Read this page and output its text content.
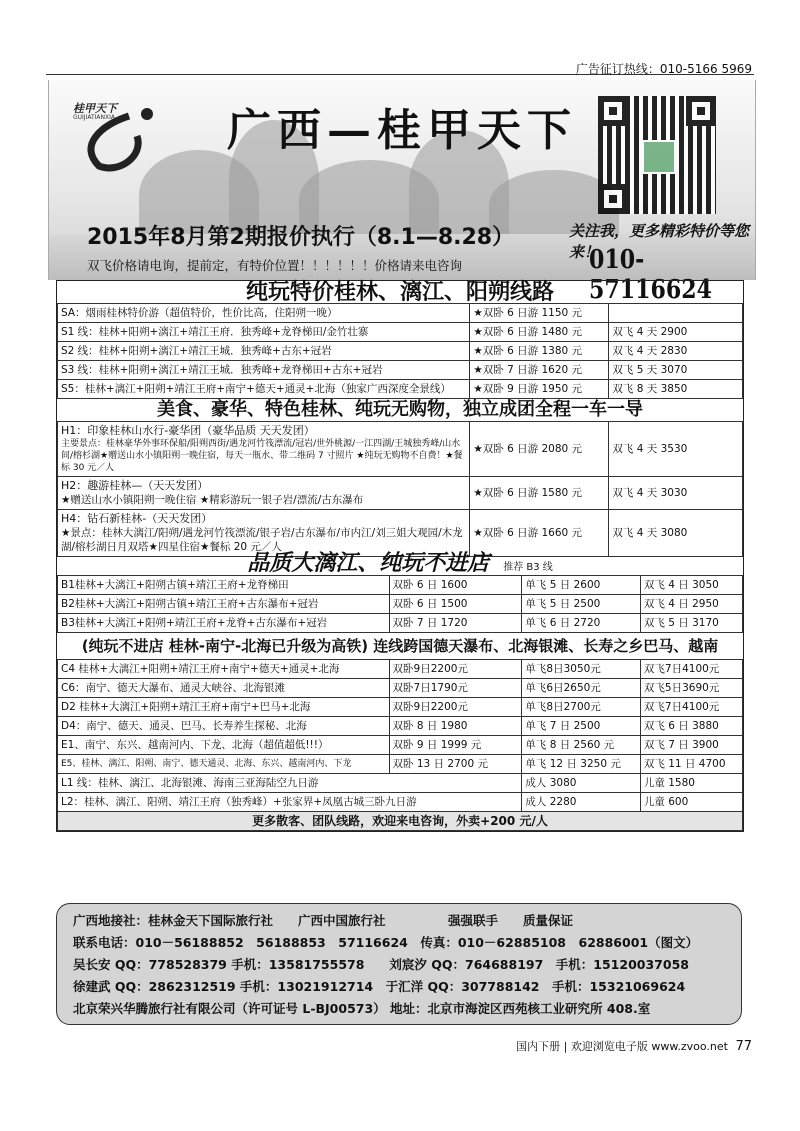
广告征订热线：010-5166 5969
桂甲天下
GUIJIATIANXIA	广西—桂甲天下
2015年8月第2期报价执行（8.1—8.28）	关注我，更多精彩特价等您来！
010-57116624
双飞价格请电询，提前定，有特价位置！！！！！！价格请来电咨询
纯玩特价桂林、漓江、阳朔线路		
SA：烟雨桂林特价游（超值特价，性价比高，住阳朔一晚）	★双卧 6 日游 1150 元	
S1 线：桂林+阳朔+漓江+靖江王府．独秀峰+龙脊梯田/金竹壮寨	★双卧 6 日游 1480 元	双飞 4 天 2900
S2 线：桂林+阳朔+漓江+靖江王城．独秀峰+古东+冠岩	★双卧 6 日游 1380 元	双飞 4 天 2830
S3 线：桂林+阳朔+漓江+靖江王城．独秀峰+龙脊梯田+古东+冠岩	★双卧 7 日游 1620 元	双飞 5 天 3070
S5：桂林+漓江+阳朔+靖江王府+南宁+德天+通灵+北海（独家广西深度全景线）	★双卧 9 日游 1950 元	双飞 8 天 3850
美食、豪华、特色桂林、纯玩无购物，独立成团全程一车一导		

H1：印象桂林山水行-豪华团（豪华品质 天天发团）
主要景点：桂林豪华外事环保船/阳朔西街/遇龙河竹筏漂流/冠岩/世外桃源/一江四湖/王城独秀峰/山水间/榕杉湖★赠送山水小镇阳朔一晚住宿，每天一瓶水、带二维码 7 寸照片 ★纯玩无购物不自费！★餐标 30 元／人	★双卧 6 日游 2080 元	双飞 4 天 3530

H2：趣游桂林—（天天发团）
★赠送山水小镇阳朔一晚住宿 ★精彩游玩一银子岩/漂流/古东瀑布	★双卧 6 日游 1580 元	双飞 4 天 3030

H4：钻石新桂林-（天天发团）
★景点：桂林大漓江/阳朔/遇龙河竹筏漂流/银子岩/古东瀑布/市内江/刘三姐大观园/木龙湖/榕杉湖日月双塔★四星住宿★餐标 20 元／人	★双卧 6 日游 1660 元	双飞 4 天 3080
品质大漓江、纯玩不进店 推荐 B3 线			
B1桂林+大漓江+阳朔古镇+靖江王府+龙脊梯田	双卧 6 日 1600	单飞 5 日 2600	双飞 4 日 3050
B2桂林+大漓江+阳朔古镇+靖江王府+古东瀑布+冠岩	双卧 6 日 1500	单飞 5 日 2500	双飞 4 日 2950
B3桂林+大漓江+阳朔+靖江王府+龙脊+古东瀑布+冠岩	双卧 7 日 1720	单飞 6 日 2720	双飞 5 日 3170
(纯玩不进店 桂林-南宁-北海已升级为高铁) 连线跨国德天瀑布、北海银滩、长寿之乡巴马、越南			
C4 桂林+大漓江+阳朔+靖江王府+南宁+德天+通灵+北海	双卧9日2200元	单飞8日3050元	双飞7日4100元
C6：南宁、德天大瀑布、通灵大峡谷、北海银滩	双卧7日1790元	单飞6日2650元	双飞5日3690元
D2 桂林+大漓江+阳朔+靖江王府+南宁+巴马+北海	双卧9日2200元	单飞8日2700元	双飞7日4100元
D4：南宁、德天、通灵、巴马、长寿养生探秘、北海	双卧 8 日 1980	单飞 7 日 2500	双飞 6 日 3880
E1、南宁、东兴、越南河内、下龙、北海（超值超低!!!）	双卧 9 日 1999 元	单飞 8 日 2560 元	双飞 7 日 3900
E5、桂林、漓江、阳朔、南宁、德天通灵、北海、东兴、越南河内、下龙	双卧 13 日 2700 元	单飞 12 日 3250 元	双飞 11 日 4700
L1 线：桂林、漓江、北海银滩、海南三亚海陆空九日游		成人 3080	儿童 1580
L2：桂林、漓江、阳朔、靖江王府（独秀峰）+张家界+凤凰古城三卧九日游		成人 2280	儿童 600
更多散客、团队线路，欢迎来电咨询，外卖+200 元/人			
广西地接社：桂林金天下国际旅行社　　广西中国旅行社　　　　　强强联手　　质量保证
联系电话：010－56188852　56188853　57116624　传真：010－62885108　62886001（图文）
吴长安 QQ：778528379 手机：13581755578　　刘宸汐 QQ：764688197　手机：15120037058
徐建武 QQ：2862312519 手机：13021912714　于汇洋 QQ：307788142　手机：15321069624
北京荣兴华腾旅行社有限公司（许可证号 L-BJ00573） 地址：北京市海淀区西苑核工业研究所 408.室
国内下册 | 欢迎浏览电子版 www.zvoo.net 77
